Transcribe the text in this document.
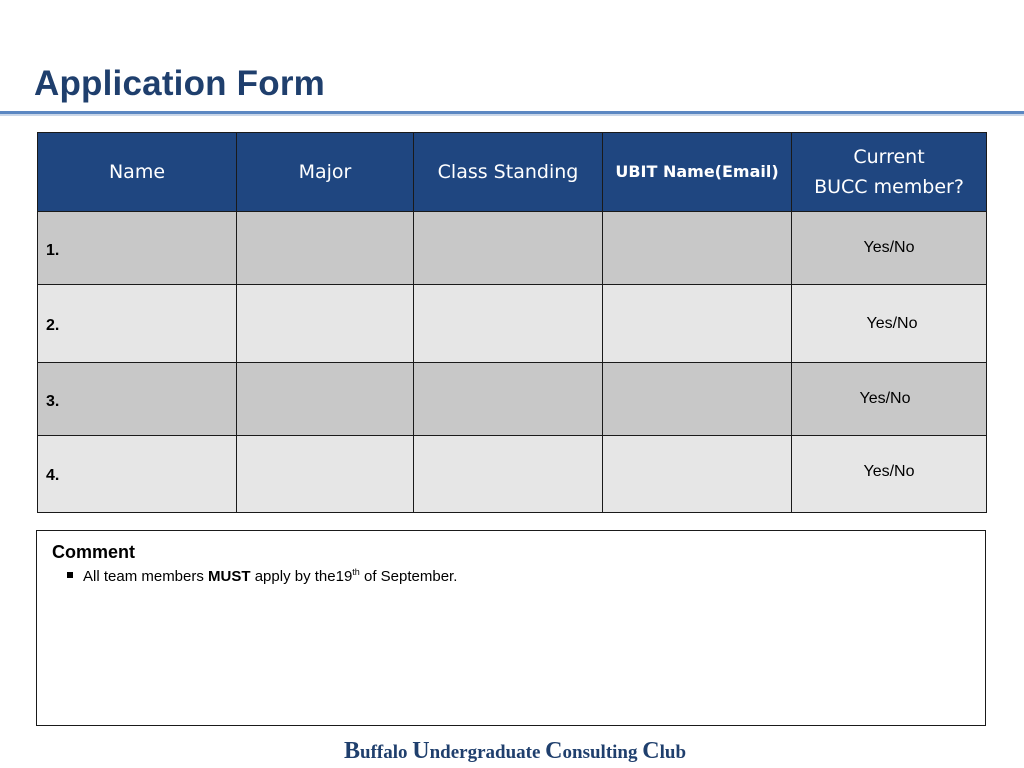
Application Form
Name	Major	Class Standing	UBIT Name(Email)	Current
BUCC member?
1.				Yes/No
2.				Yes/No
3.				Yes/No
4.				Yes/No
Comment
All team members MUST apply by the19th of September.
Buffalo Undergraduate Consulting Club
